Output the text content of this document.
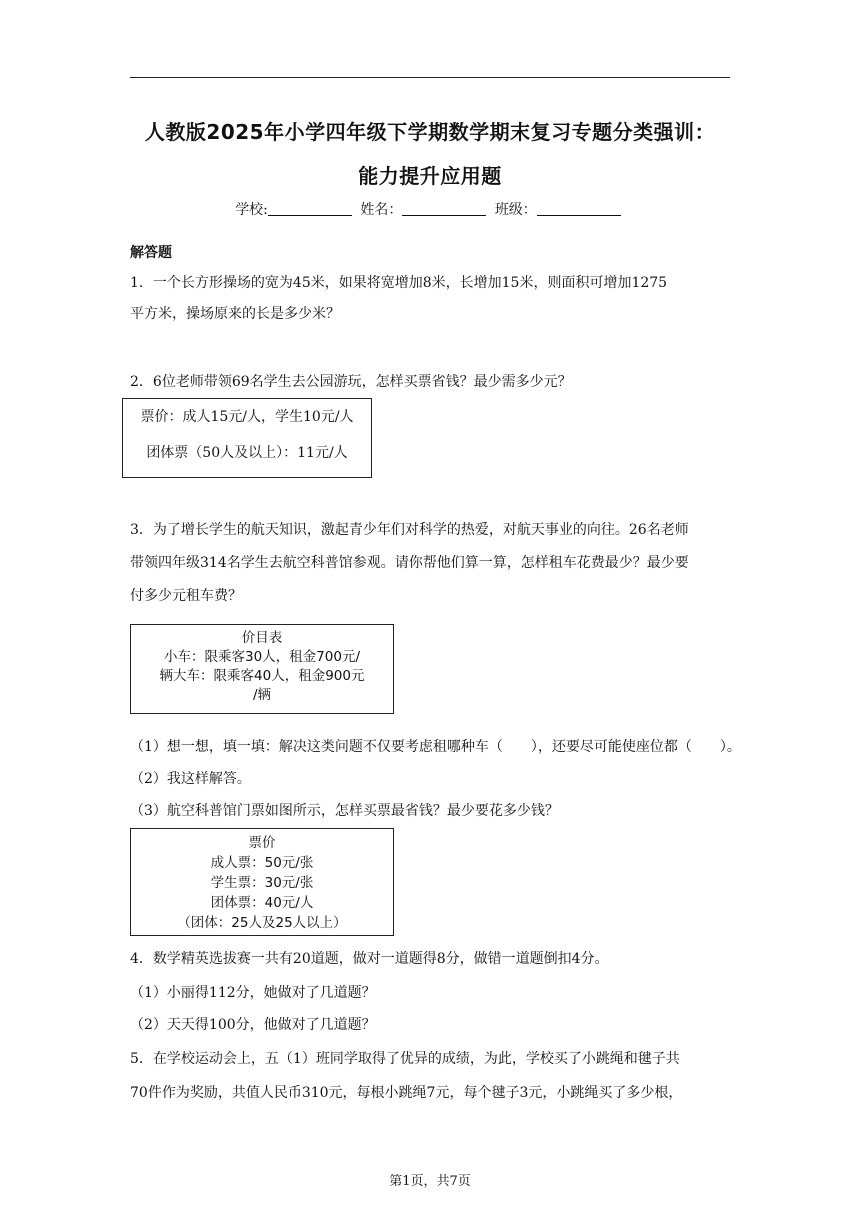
人教版2025年小学四年级下学期数学期末复习专题分类强训：
能力提升应用题
学校:	姓名：	班级：
解答题
1．一个长方形操场的宽为45米，如果将宽增加8米，长增加15米，则面积可增加1275
平方米，操场原来的长是多少米？
2．6位老师带领69名学生去公园游玩，怎样买票省钱？最少需多少元？
票价：成人15元/人，学生10元/人
团体票（50人及以上）：11元/人
3．为了增长学生的航天知识，激起青少年们对科学的热爱，对航天事业的向往。26名老师
带领四年级314名学生去航空科普馆参观。请你帮他们算一算，怎样租车花费最少？最少要
付多少元租车费？
价目表
小车：限乘客30人，租金700元/
辆大车：限乘客40人，租金900元
/辆
（1）想一想，填一填：解决这类问题不仅要考虑租哪种车（　　），还要尽可能使座位都（　　）。
（2）我这样解答。
（3）航空科普馆门票如图所示，怎样买票最省钱？最少要花多少钱？
票价
成人票：50元/张
学生票：30元/张
团体票：40元/人
（团体：25人及25人以上）
4．数学精英选拔赛一共有20道题，做对一道题得8分，做错一道题倒扣4分。
（1）小丽得112分，她做对了几道题？
（2）天天得100分，他做对了几道题？
5．在学校运动会上，五（1）班同学取得了优异的成绩，为此，学校买了小跳绳和毽子共
70件作为奖励，共值人民币310元，每根小跳绳7元，每个毽子3元，小跳绳买了多少根，
第1页，共7页
